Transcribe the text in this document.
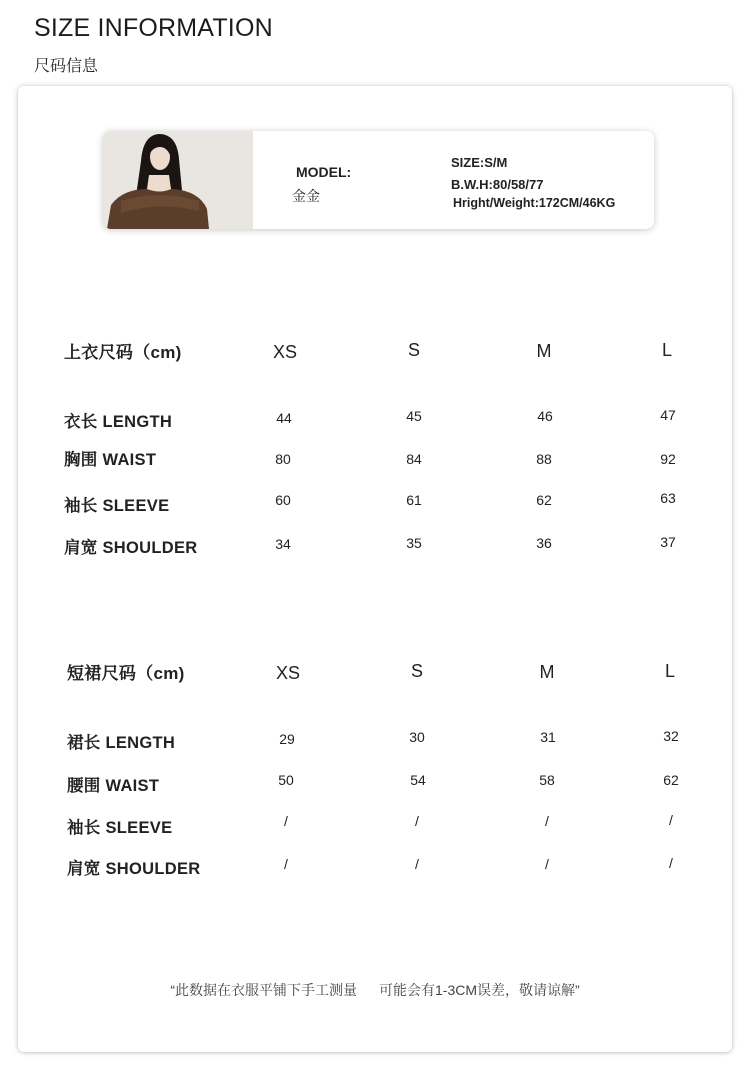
SIZE INFORMATION
尺码信息
MODEL:
金金
SIZE:S/M
B.W.H:80/58/77
Hright/Weight:172CM/46KG
上衣尺码（cm)	XS	S	M	L
衣长 LENGTH	44	45	46	47
胸围 WAIST	80	84	88	92
袖长 SLEEVE	60	61	62	63
肩宽 SHOULDER	34	35	36	37
短裙尺码（cm)	XS	S	M	L
裙长 LENGTH	29	30	31	32
腰围 WAIST	50	54	58	62
袖长 SLEEVE	/	/	/	/
肩宽 SHOULDER	/	/	/	/
“此数据在衣服平铺下手工测量 可能会有1-3CM误差，敬请谅解”
